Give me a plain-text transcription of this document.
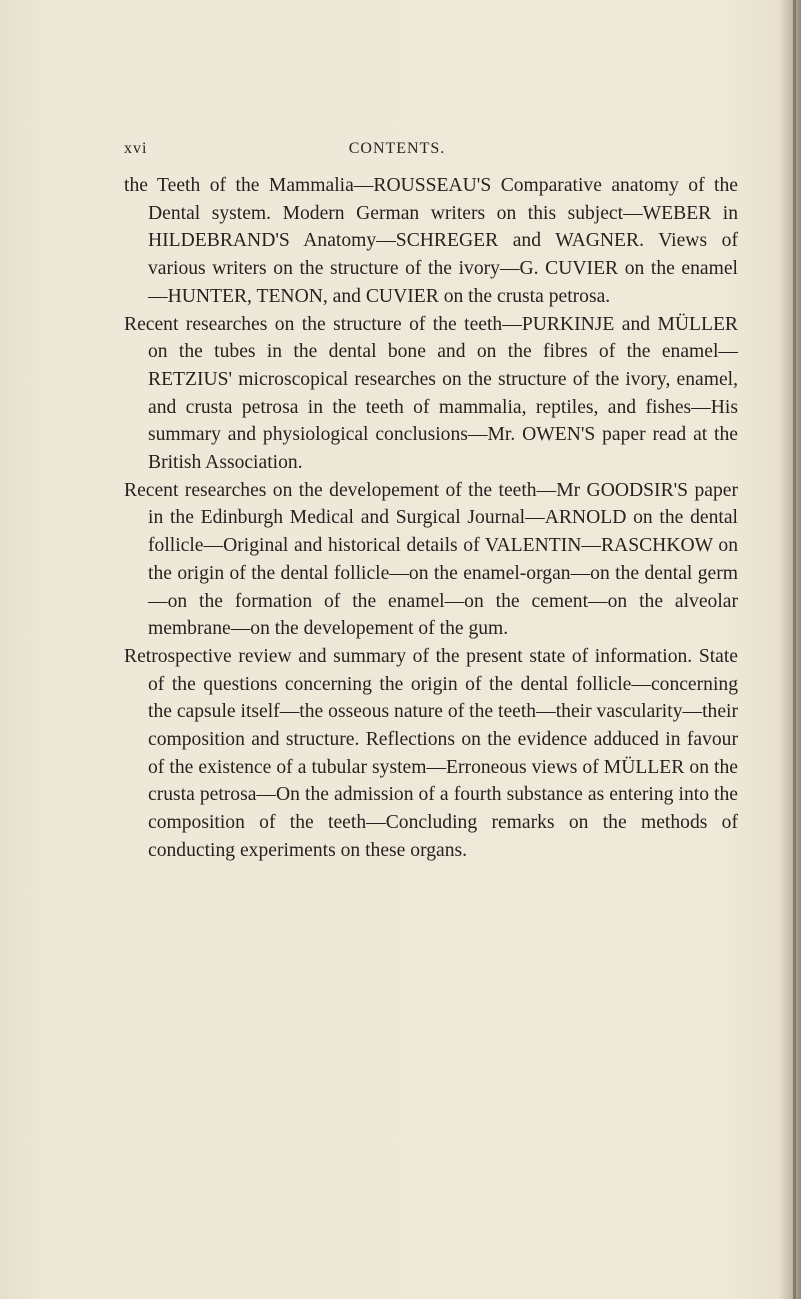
xvi	CONTENTS.

the Teeth of the Mammalia—ROUSSEAU'S Comparative anatomy of the Dental system. Modern German writers on this subject—WEBER in HILDEBRAND'S Anatomy—SCHREGER and WAGNER. Views of various writers on the structure of the ivory—G. CUVIER on the enamel—HUNTER, TENON, and CUVIER on the crusta petrosa.

Recent researches on the structure of the teeth—PURKINJE and MÜLLER on the tubes in the dental bone and on the fibres of the enamel—RETZIUS' microscopical researches on the structure of the ivory, enamel, and crusta petrosa in the teeth of mammalia, reptiles, and fishes—His summary and physiological conclusions—Mr. OWEN'S paper read at the British Association.

Recent researches on the developement of the teeth—Mr GOODSIR'S paper in the Edinburgh Medical and Surgical Journal—ARNOLD on the dental follicle—Original and historical details of VALENTIN—RASCHKOW on the origin of the dental follicle—on the enamel-organ—on the dental germ—on the formation of the enamel—on the cement—on the alveolar membrane—on the developement of the gum.

Retrospective review and summary of the present state of information. State of the questions concerning the origin of the dental follicle—concerning the capsule itself—the osseous nature of the teeth—their vascularity—their composition and structure. Reflections on the evidence adduced in favour of the existence of a tubular system—Erroneous views of MÜLLER on the crusta petrosa—On the admission of a fourth substance as entering into the composition of the teeth—Concluding remarks on the methods of conducting experiments on these organs.
